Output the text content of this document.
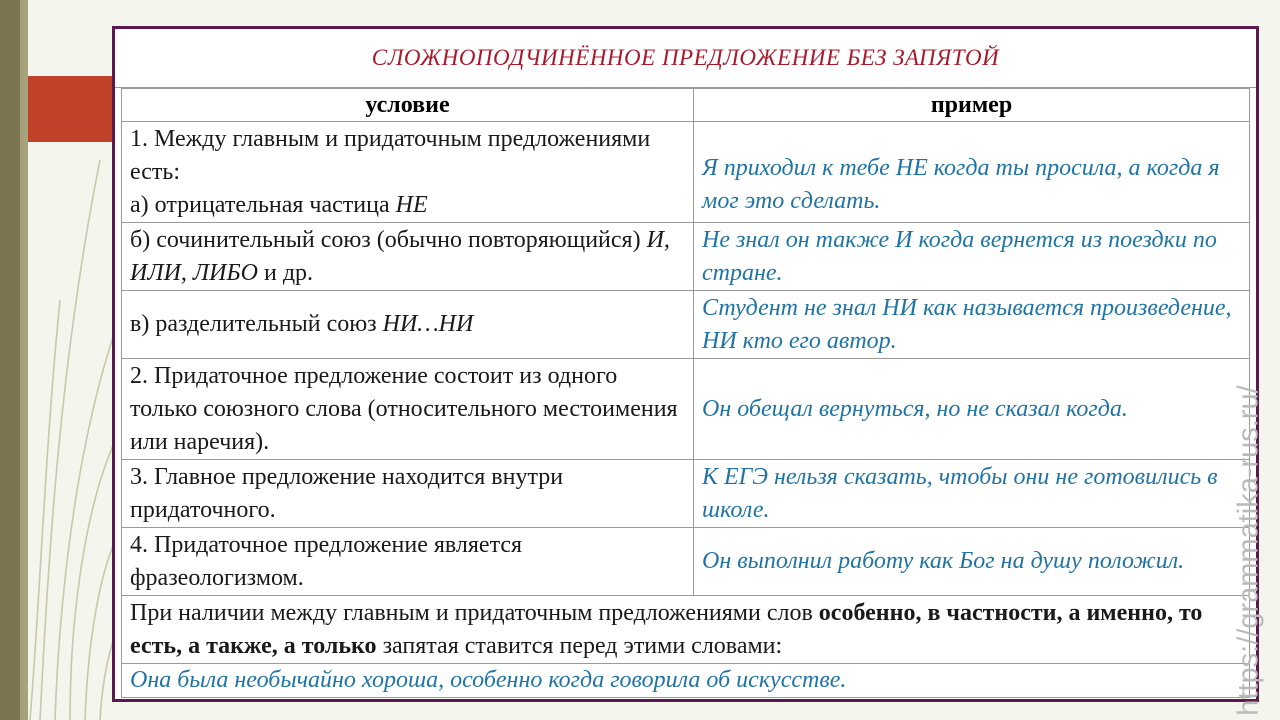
СЛОЖНОПОДЧИНЁННОЕ ПРЕДЛОЖЕНИЕ БЕЗ ЗАПЯТОЙ
условие	пример
1. Между главным и придаточным предложениями есть:
а) отрицательная частица НЕ	Я приходил к тебе НЕ когда ты просила, а когда я мог это сделать.
б) сочинительный союз (обычно повторяющийся) И, ИЛИ, ЛИБО и др.	Не знал он также И когда вернется из поездки по стране.
в) разделительный союз НИ…НИ	Студент не знал НИ как называется произведение, НИ кто его автор.
2. Придаточное предложение состоит из одного только союзного слова (относительного местоимения или наречия).	Он обещал вернуться, но не сказал когда.
3. Главное предложение находится внутри придаточного.	К ЕГЭ нельзя сказать, чтобы они не готовились в школе.
4. Придаточное предложение является фразеологизмом.	Он выполнил работу как Бог на душу положил.
При наличии между главным и придаточным предложениями слов особенно, в частности, а именно, то есть, а также, а только запятая ставится перед этими словами:	
Она была необычайно хороша, особенно когда говорила об искусстве.		https://grammatika-rus.ru/
